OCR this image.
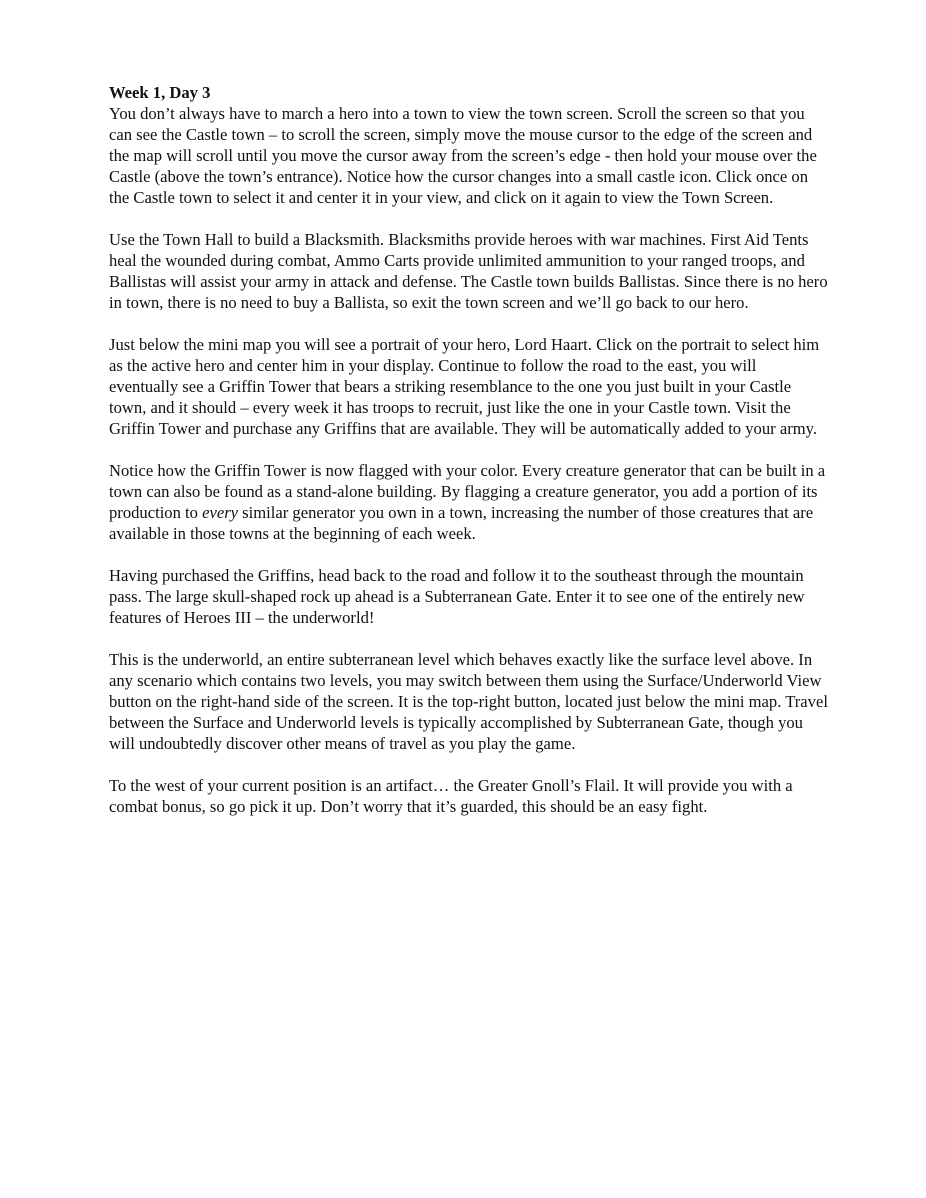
Week 1, Day 3

You don’t always have to march a hero into a town to view the town screen. Scroll the screen so that you can see the Castle town – to scroll the screen, simply move the mouse cursor to the edge of the screen and the map will scroll until you move the cursor away from the screen’s edge - then hold your mouse over the Castle (above the town’s entrance). Notice how the cursor changes into a small castle icon. Click once on the Castle town to select it and center it in your view, and click on it again to view the Town Screen.

Use the Town Hall to build a Blacksmith. Blacksmiths provide heroes with war machines. First Aid Tents heal the wounded during combat, Ammo Carts provide unlimited ammunition to your ranged troops, and Ballistas will assist your army in attack and defense. The Castle town builds Ballistas. Since there is no hero in town, there is no need to buy a Ballista, so exit the town screen and we’ll go back to our hero.

Just below the mini map you will see a portrait of your hero, Lord Haart. Click on the portrait to select him as the active hero and center him in your display. Continue to follow the road to the east, you will eventually see a Griffin Tower that bears a striking resemblance to the one you just built in your Castle town, and it should – every week it has troops to recruit, just like the one in your Castle town. Visit the Griffin Tower and purchase any Griffins that are available. They will be automatically added to your army.

Notice how the Griffin Tower is now flagged with your color. Every creature generator that can be built in a town can also be found as a stand-alone building. By flagging a creature generator, you add a portion of its production to every similar generator you own in a town, increasing the number of those creatures that are available in those towns at the beginning of each week.

Having purchased the Griffins, head back to the road and follow it to the southeast through the mountain pass. The large skull-shaped rock up ahead is a Subterranean Gate. Enter it to see one of the entirely new features of Heroes III – the underworld!

This is the underworld, an entire subterranean level which behaves exactly like the surface level above. In any scenario which contains two levels, you may switch between them using the Surface/Underworld View button on the right-hand side of the screen. It is the top-right button, located just below the mini map. Travel between the Surface and Underworld levels is typically accomplished by Subterranean Gate, though you will undoubtedly discover other means of travel as you play the game.

To the west of your current position is an artifact… the Greater Gnoll’s Flail. It will provide you with a combat bonus, so go pick it up. Don’t worry that it’s guarded, this should be an easy fight.
